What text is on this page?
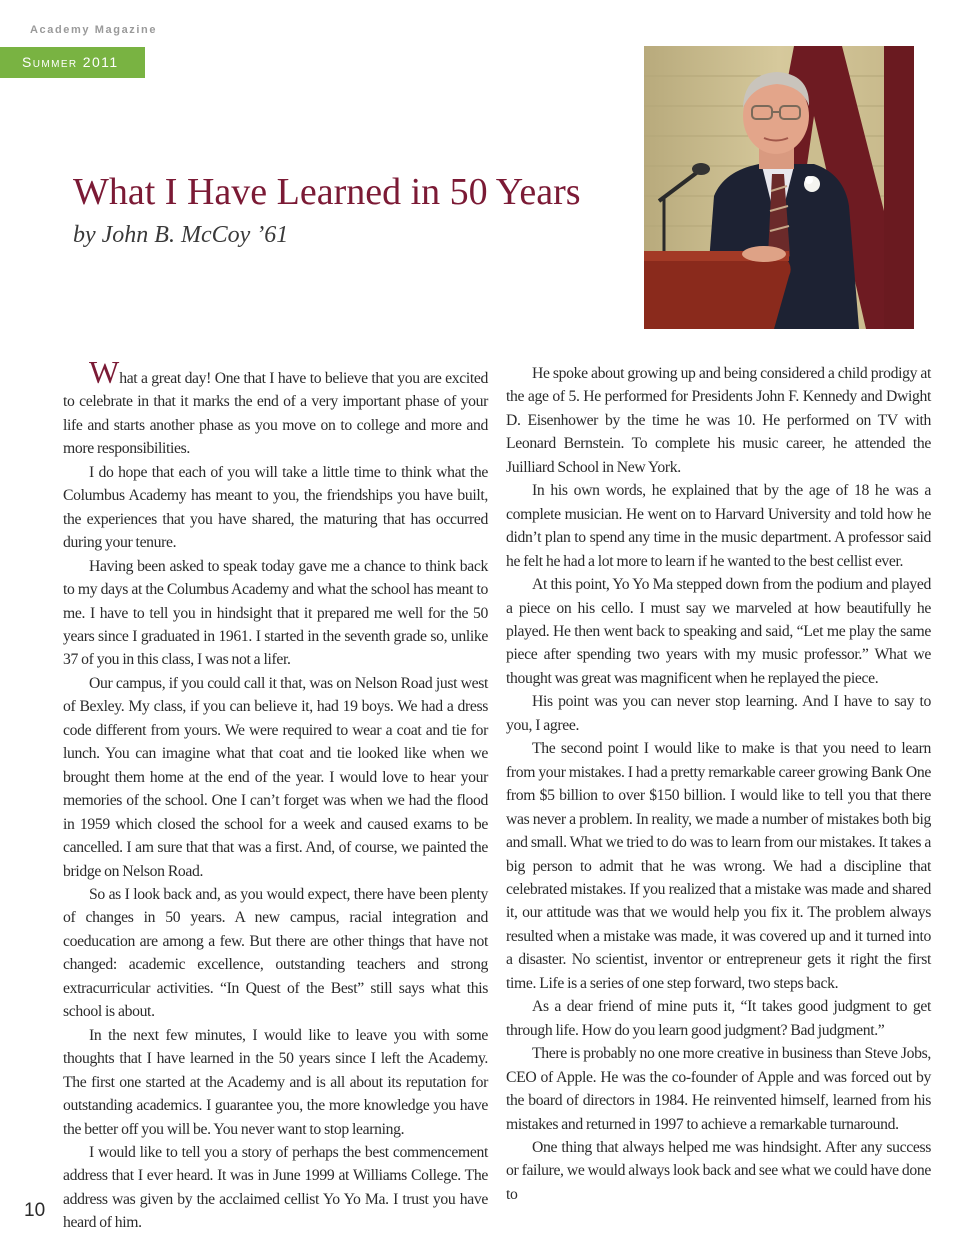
Academy Magazine
Summer 2011
What I Have Learned in 50 Years
by John B. McCoy ’61

What a great day! One that I have to believe that you are excited to celebrate in that it marks the end of a very important phase of your life and starts another phase as you move on to college and more and more responsibilities.

I do hope that each of you will take a little time to think what the Columbus Academy has meant to you, the friendships you have built, the experiences that you have shared, the maturing that has occurred during your tenure.

Having been asked to speak today gave me a chance to think back to my days at the Columbus Academy and what the school has meant to me. I have to tell you in hindsight that it prepared me well for the 50 years since I graduated in 1961. I started in the seventh grade so, unlike 37 of you in this class, I was not a lifer.

Our campus, if you could call it that, was on Nelson Road just west of Bexley. My class, if you can believe it, had 19 boys. We had a dress code different from yours. We were required to wear a coat and tie for lunch. You can imagine what that coat and tie looked like when we brought them home at the end of the year. I would love to hear your memories of the school. One I can’t forget was when we had the flood in 1959 which closed the school for a week and caused exams to be cancelled. I am sure that that was a first. And, of course, we painted the bridge on Nelson Road.

So as I look back and, as you would expect, there have been plenty of changes in 50 years. A new campus, racial integration and coeducation are among a few. But there are other things that have not changed: academic excellence, outstanding teachers and strong extracurricular activities. “In Quest of the Best” still says what this school is about.

In the next few minutes, I would like to leave you with some thoughts that I have learned in the 50 years since I left the Academy. The first one started at the Academy and is all about its reputation for outstanding academics. I guarantee you, the more knowledge you have the better off you will be. You never want to stop learning.

I would like to tell you a story of perhaps the best commencement address that I ever heard. It was in June 1999 at Williams College. The address was given by the acclaimed cellist Yo Yo Ma. I trust you have heard of him.

He spoke about growing up and being considered a child prodigy at the age of 5. He performed for Presidents John F. Kennedy and Dwight D. Eisenhower by the time he was 10. He performed on TV with Leonard Bernstein. To complete his music career, he attended the Juilliard School in New York.

In his own words, he explained that by the age of 18 he was a complete musician. He went on to Harvard University and told how he didn’t plan to spend any time in the music department. A professor said he felt he had a lot more to learn if he wanted to the best cellist ever.

At this point, Yo Yo Ma stepped down from the podium and played a piece on his cello. I must say we marveled at how beautifully he played. He then went back to speaking and said, “Let me play the same piece after spending two years with my music professor.” What we thought was great was magnificent when he replayed the piece.

His point was you can never stop learning. And I have to say to you, I agree.

The second point I would like to make is that you need to learn from your mistakes. I had a pretty remarkable career growing Bank One from $5 billion to over $150 billion. I would like to tell you that there was never a problem. In reality, we made a number of mistakes both big and small. What we tried to do was to learn from our mistakes. It takes a big person to admit that he was wrong. We had a discipline that celebrated mistakes. If you realized that a mistake was made and shared it, our attitude was that we would help you fix it. The problem always resulted when a mistake was made, it was covered up and it turned into a disaster. No scientist, inventor or entrepreneur gets it right the first time. Life is a series of one step forward, two steps back.

As a dear friend of mine puts it, “It takes good judgment to get through life. How do you learn good judgment? Bad judgment.”

There is probably no one more creative in business than Steve Jobs, CEO of Apple. He was the co-founder of Apple and was forced out by the board of directors in 1984. He reinvented himself, learned from his mistakes and returned in 1997 to achieve a remarkable turnaround.

One thing that always helped me was hindsight. After any success or failure, we would always look back and see what we could have done to

10
